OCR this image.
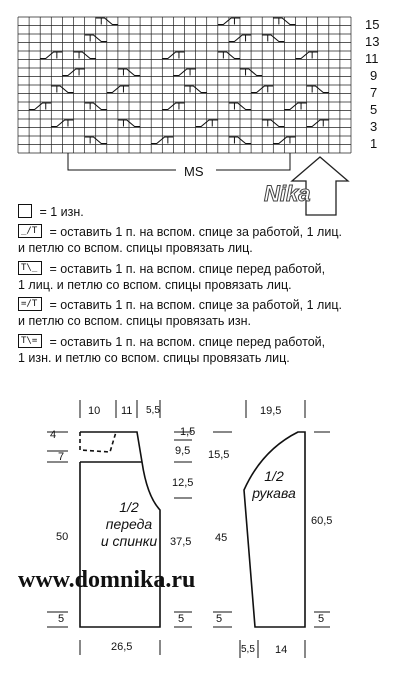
15
13
11
9
7
5
3
1
MS
Nika
= 1 изн.
_/T = оставить 1 п. на вспом. спице за работой, 1 лиц.
и петлю со вспом. спицы провязать лиц.
T\_ = оставить 1 п. на вспом. спице перед работой,
1 лиц. и петлю со вспом. спицы провязать лиц.
=/T = оставить 1 п. на вспом. спице за работой, 1 лиц.
и петлю со вспом. спицы провязать изн.
T\= = оставить 1 п. на вспом. спице перед работой,
1 изн. и петлю со вспом. спицы провязать лиц.
10 11 5,5
4
7
50
5
1,5
9,5
12,5
37,5
5
26,5
1/2
переда
и спинки
19,5
15,5
45
5
60,5
5
5,5 14
1/2
рукава
www.domnika.ru
